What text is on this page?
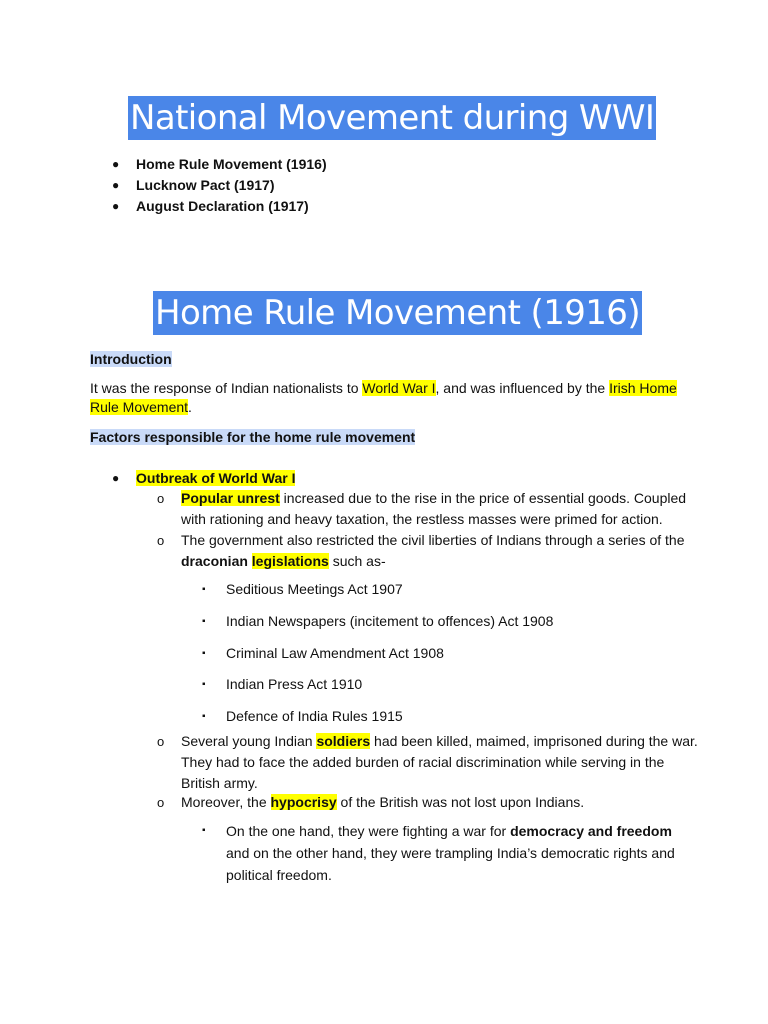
National Movement during WWI
● Home Rule Movement (1916)
● Lucknow Pact (1917)
● August Declaration (1917)
Home Rule Movement (1916)
Introduction
It was the response of Indian nationalists to World War I, and was influenced by the Irish Home Rule Movement.
Factors responsible for the home rule movement
● Outbreak of World War I
o Popular unrest increased due to the rise in the price of essential goods. Coupled with rationing and heavy taxation, the restless masses were primed for action.
o The government also restricted the civil liberties of Indians through a series of the draconian legislations such as-
▪ Seditious Meetings Act 1907
▪ Indian Newspapers (incitement to offences) Act 1908
▪ Criminal Law Amendment Act 1908
▪ Indian Press Act 1910
▪ Defence of India Rules 1915
o Several young Indian soldiers had been killed, maimed, imprisoned during the war. They had to face the added burden of racial discrimination while serving in the British army.
o Moreover, the hypocrisy of the British was not lost upon Indians.
▪ On the one hand, they were fighting a war for democracy and freedom and on the other hand, they were trampling India’s democratic rights and political freedom.
